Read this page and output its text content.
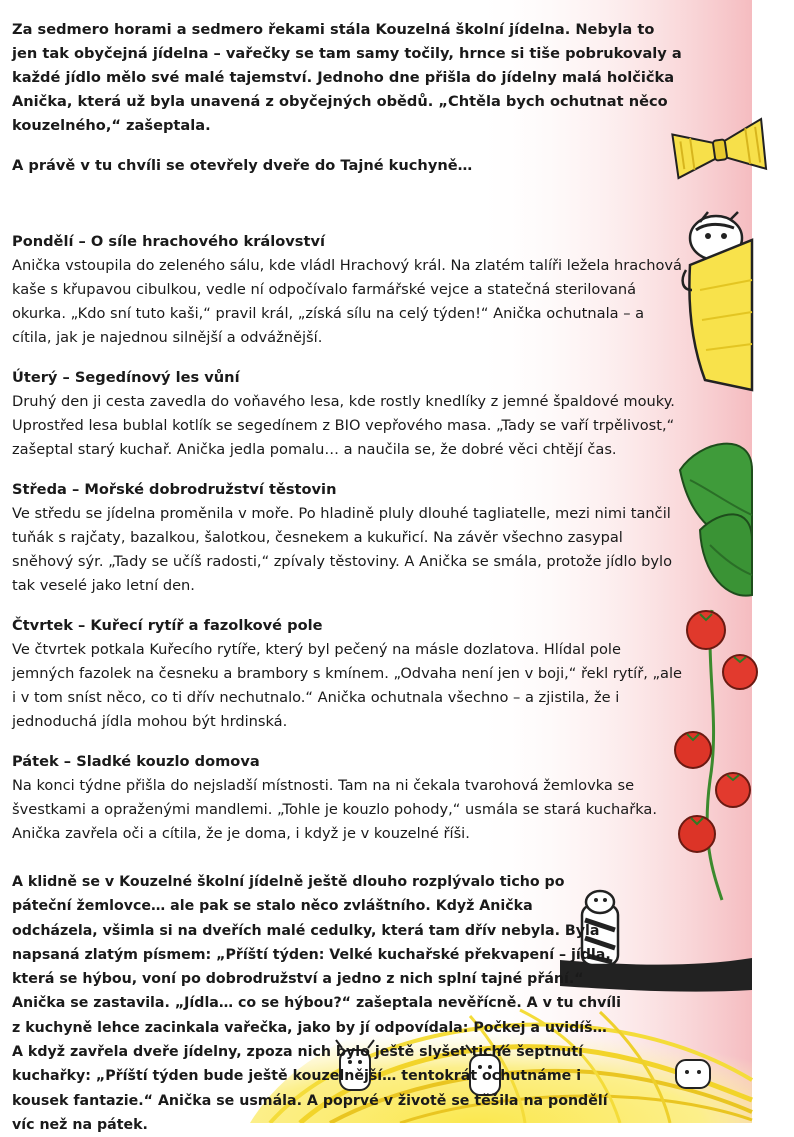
Za sedmero horami a sedmero řekami stála Kouzelná školní jídelna. Nebyla to jen tak obyčejná jídelna – vařečky se tam samy točily, hrnce si tiše pobrukovaly a každé jídlo mělo své malé tajemství. Jednoho dne přišla do jídelny malá holčička Anička, která už byla unavená z obyčejných obědů. „Chtěla bych ochutnat něco kouzelného,“ zašeptala.

A právě v tu chvíli se otevřely dveře do Tajné kuchyně…

Pondělí – O síle hrachového království

Anička vstoupila do zeleného sálu, kde vládl Hrachový král. Na zlatém talíři ležela hrachová kaše s křupavou cibulkou, vedle ní odpočívalo farmářské vejce a statečná sterilovaná okurka. „Kdo sní tuto kaši,“ pravil král, „získá sílu na celý týden!“ Anička ochutnala – a cítila, jak je najednou silnější a odvážnější.

Úterý – Segedínový les vůní

Druhý den ji cesta zavedla do voňavého lesa, kde rostly knedlíky z jemné špaldové mouky. Uprostřed lesa bublal kotlík se segedínem z BIO vepřového masa. „Tady se vaří trpělivost,“ zašeptal starý kuchař. Anička jedla pomalu… a naučila se, že dobré věci chtějí čas.

Středa – Mořské dobrodružství těstovin

Ve středu se jídelna proměnila v moře. Po hladině pluly dlouhé tagliatelle, mezi nimi tančil tuňák s rajčaty, bazalkou, šalotkou, česnekem a kukuřicí. Na závěr všechno zasypal sněhový sýr. „Tady se učíš radosti,“ zpívaly těstoviny. A Anička se smála, protože jídlo bylo tak veselé jako letní den.

Čtvrtek – Kuřecí rytíř a fazolkové pole

Ve čtvrtek potkala Kuřecího rytíře, který byl pečený na másle dozlatova. Hlídal pole jemných fazolek na česneku a brambory s kmínem. „Odvaha není jen v boji,“ řekl rytíř, „ale i v tom sníst něco, co ti dřív nechutnalo.“ Anička ochutnala všechno – a zjistila, že i jednoduchá jídla mohou být hrdinská.

Pátek – Sladké kouzlo domova

Na konci týdne přišla do nejsladší místnosti. Tam na ni čekala tvarohová žemlovka se švestkami a opraženými mandlemi. „Tohle je kouzlo pohody,“ usmála se stará kuchařka. Anička zavřela oči a cítila, že je doma, i když je v kouzelné říši.

A klidně se v Kouzelné školní jídelně ještě dlouho rozplývalo ticho po páteční žemlovce… ale pak se stalo něco zvláštního. Když Anička odcházela, všimla si na dveřích malé cedulky, která tam dřív nebyla. Byla napsaná zlatým písmem: „Příští týden: Velké kuchařské překvapení – jídla, která se hýbou, voní po dobrodružství a jedno z nich splní tajné přání.“ Anička se zastavila. „Jídla… co se hýbou?“ zašeptala nevěřícně. A v tu chvíli z kuchyně lehce zacinkala vařečka, jako by jí odpovídala: Počkej a uvidíš… A když zavřela dveře jídelny, zpoza nich bylo ještě slyšet tiché šeptnutí kuchařky: „Příští týden bude ještě kouzelnější… tentokrát ochutnáme i kousek fantazie.“ Anička se usmála. A poprvé v životě se těšila na pondělí víc než na pátek.
